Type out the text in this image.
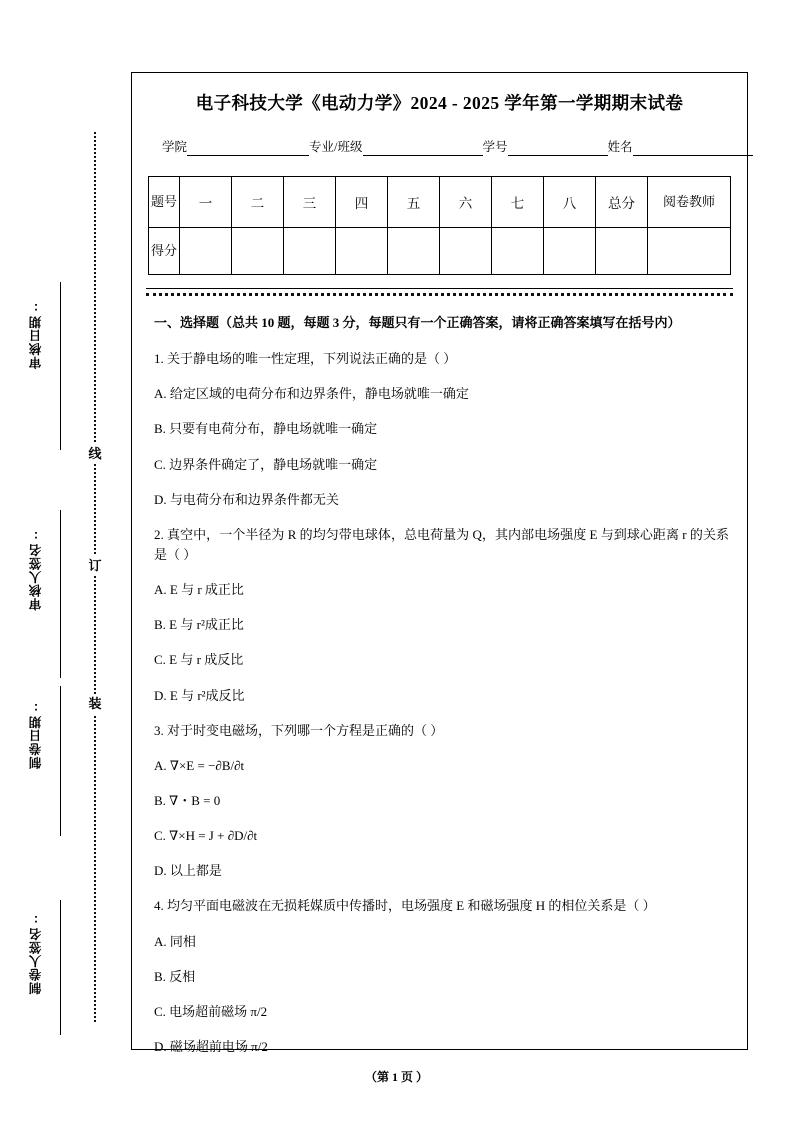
审核日期:
审核人签名:
制卷日期:
制卷人签名:
线
订
装
电子科技大学《电动力学》2024 - 2025 学年第一学期期末试卷
学院	专业/班级	学号	姓名
题号	一	二	三	四	五	六	七	八	总分	阅卷教师
得分										
一、选择题（总共 10 题，每题 3 分，每题只有一个正确答案，请将正确答案填写在括号内）
1. 关于静电场的唯一性定理，下列说法正确的是（ ）
A. 给定区域的电荷分布和边界条件，静电场就唯一确定
B. 只要有电荷分布，静电场就唯一确定
C. 边界条件确定了，静电场就唯一确定
D. 与电荷分布和边界条件都无关
2. 真空中，一个半径为 R 的均匀带电球体，总电荷量为 Q，其内部电场强度 E 与到球心距离 r 的关系是（ ）
A. E 与 r 成正比
B. E 与 r²成正比
C. E 与 r 成反比
D. E 与 r²成反比
3. 对于时变电磁场，下列哪一个方程是正确的（ ）
A. ∇×E = −∂B/∂t
B. ∇・B = 0
C. ∇×H = J + ∂D/∂t
D. 以上都是
4. 均匀平面电磁波在无损耗媒质中传播时，电场强度 E 和磁场强度 H 的相位关系是（ ）
A. 同相
B. 反相
C. 电场超前磁场 π/2
D. 磁场超前电场 π/2
（第 1 页 ）
